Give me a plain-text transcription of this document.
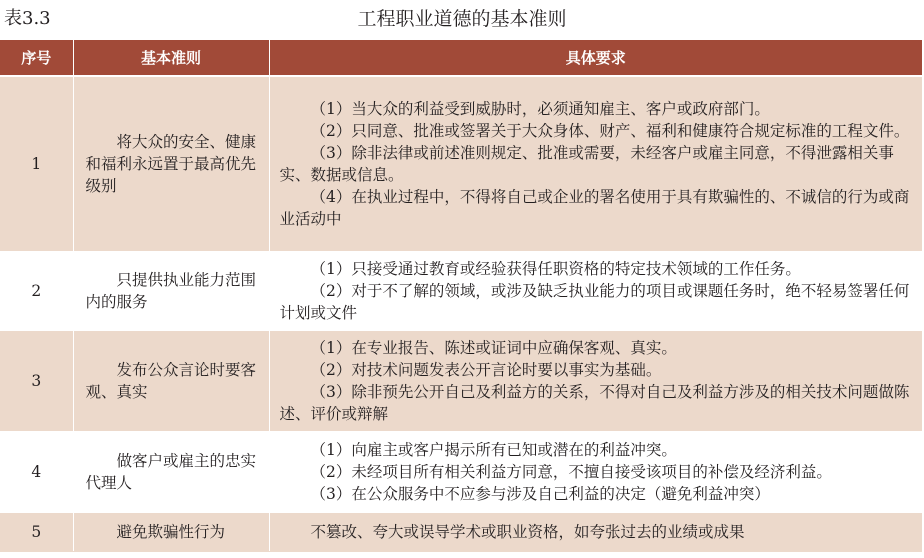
表3.3	工程职业道德的基本准则
序号	基本准则	具体要求
1	将大众的安全、健康和福利永远置于最高优先级别	（1）当大众的利益受到威胁时，必须通知雇主、客户或政府部门。
（2）只同意、批准或签署关于大众身体、财产、福利和健康符合规定标准的工程文件。
（3）除非法律或前述准则规定、批准或需要，未经客户或雇主同意，不得泄露相关事实、数据或信息。
（4）在执业过程中，不得将自己或企业的署名使用于具有欺骗性的、不诚信的行为或商业活动中

2	只提供执业能力范围内的服务	（1）只接受通过教育或经验获得任职资格的特定技术领域的工作任务。
（2）对于不了解的领域，或涉及缺乏执业能力的项目或课题任务时，绝不轻易签署任何计划或文件

3	发布公众言论时要客观、真实	（1）在专业报告、陈述或证词中应确保客观、真实。
（2）对技术问题发表公开言论时要以事实为基础。
（3）除非预先公开自己及利益方的关系，不得对自己及利益方涉及的相关技术问题做陈述、评价或辩解

4	做客户或雇主的忠实代理人	（1）向雇主或客户揭示所有已知或潜在的利益冲突。
（2）未经项目所有相关利益方同意，不擅自接受该项目的补偿及经济利益。
（3）在公众服务中不应参与涉及自己利益的决定（避免利益冲突）

5	避免欺骗性行为	不篡改、夸大或误导学术或职业资格，如夸张过去的业绩或成果
